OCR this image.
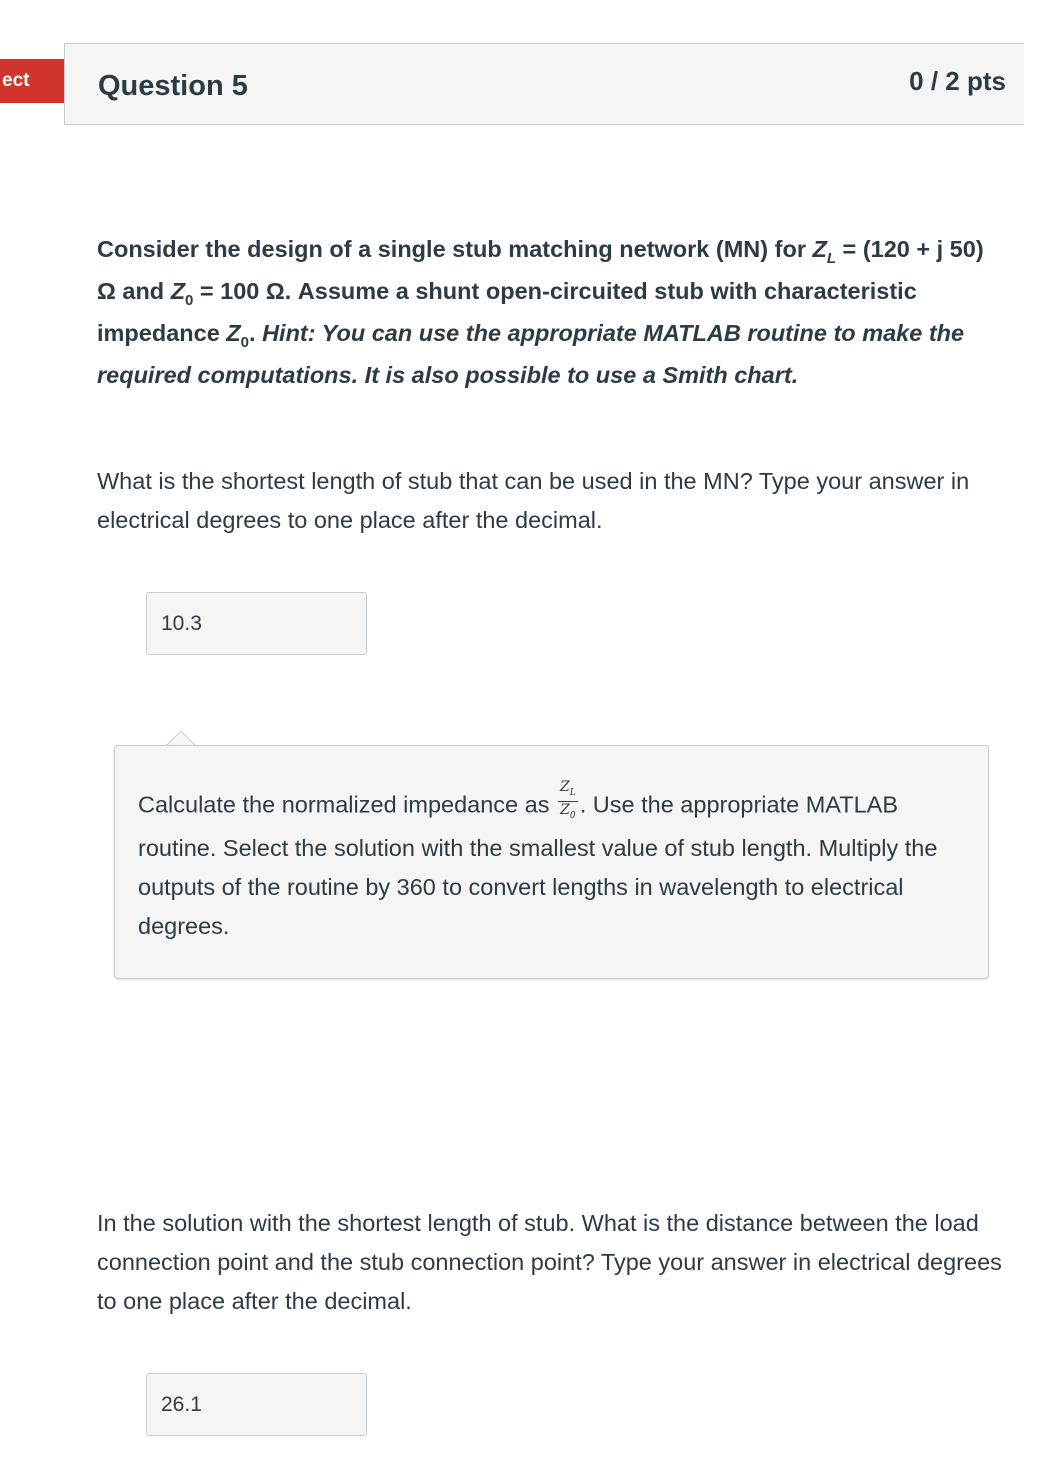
ect Question 5	0 / 2 pts

Consider the design of a single stub matching network (MN) for $Z_L = (120 + j$ 50) Ω and $Z_0 = 100$ Ω. Assume a shunt open-circuited stub with characteristic impedance $Z_0$. Hint: You can use the appropriate MATLAB routine to make the required computations. It is also possible to use a Smith chart.

What is the shortest length of stub that can be used in the MN? Type your answer in electrical degrees to one place after the decimal.

10.3

Calculate the normalized impedance as $\frac{Z_L}{Z_0}$ . Use the appropriate MATLAB routine. Select the solution with the smallest value of stub length. Multiply the outputs of the routine by 360 to convert lengths in wavelength to electrical degrees.

In the solution with the shortest length of stub. What is the distance between the load connection point and the stub connection point? Type your answer in electrical degrees to one place after the decimal.

26.1
